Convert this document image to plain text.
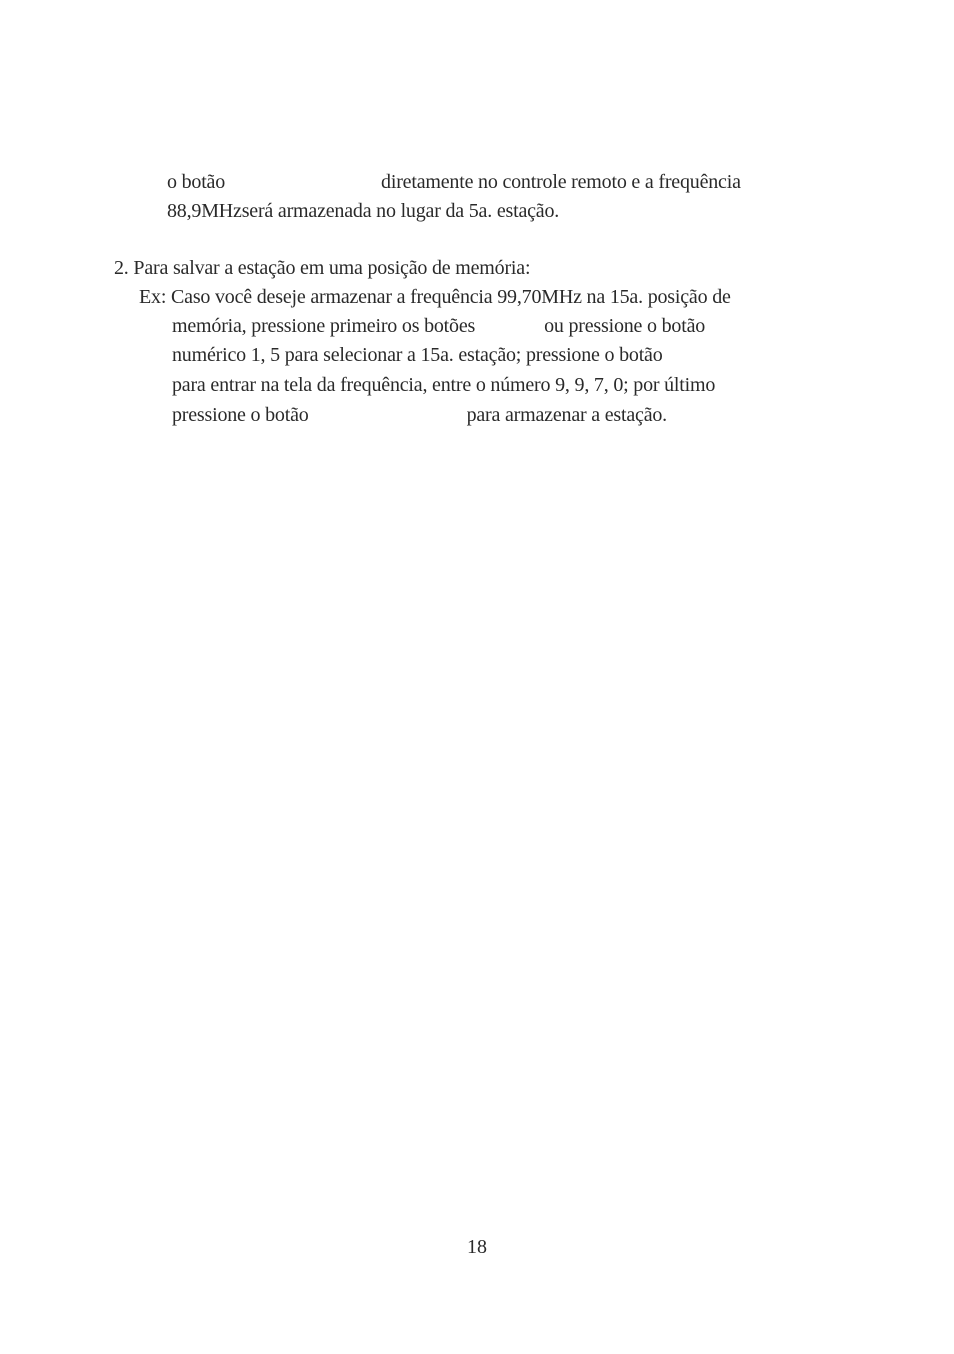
o botão	diretamente no controle remoto e a frequência
88,9MHzserá armazenada no lugar da 5a. estação.
2. Para salvar a estação em uma posição de memória:
Ex: Caso você deseje armazenar a frequência 99,70MHz na 15a. posição de
memória, pressione primeiro os botões	ou pressione o botão
numérico 1, 5 para selecionar a 15a. estação; pressione o botão
para entrar na tela da frequência, entre o número 9, 9, 7, 0; por último
pressione o botão	para armazenar a estação.
18
